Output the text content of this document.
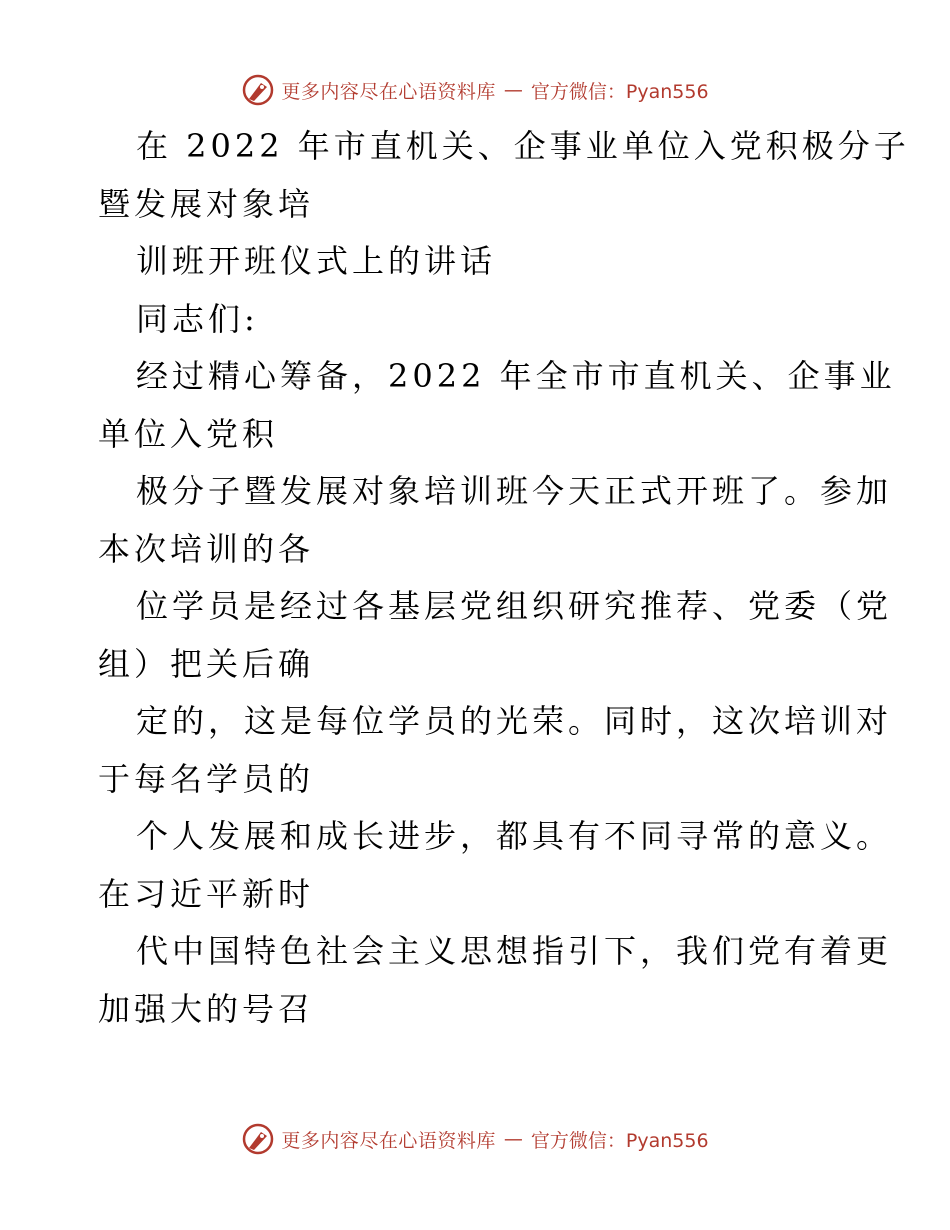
更多内容尽在心语资料库 — 官方微信：Pyan556
在 2022 年市直机关、企事业单位入党积极分子
暨发展对象培
训班开班仪式上的讲话
同志们:
经过精心筹备，2022 年全市市直机关、企事业
单位入党积
极分子暨发展对象培训班今天正式开班了。参加
本次培训的各
位学员是经过各基层党组织研究推荐、党委（党
组）把关后确
定的，这是每位学员的光荣。同时，这次培训对
于每名学员的
个人发展和成长进步，都具有不同寻常的意义。
在习近平新时
代中国特色社会主义思想指引下，我们党有着更
加强大的号召
更多内容尽在心语资料库 — 官方微信：Pyan556
